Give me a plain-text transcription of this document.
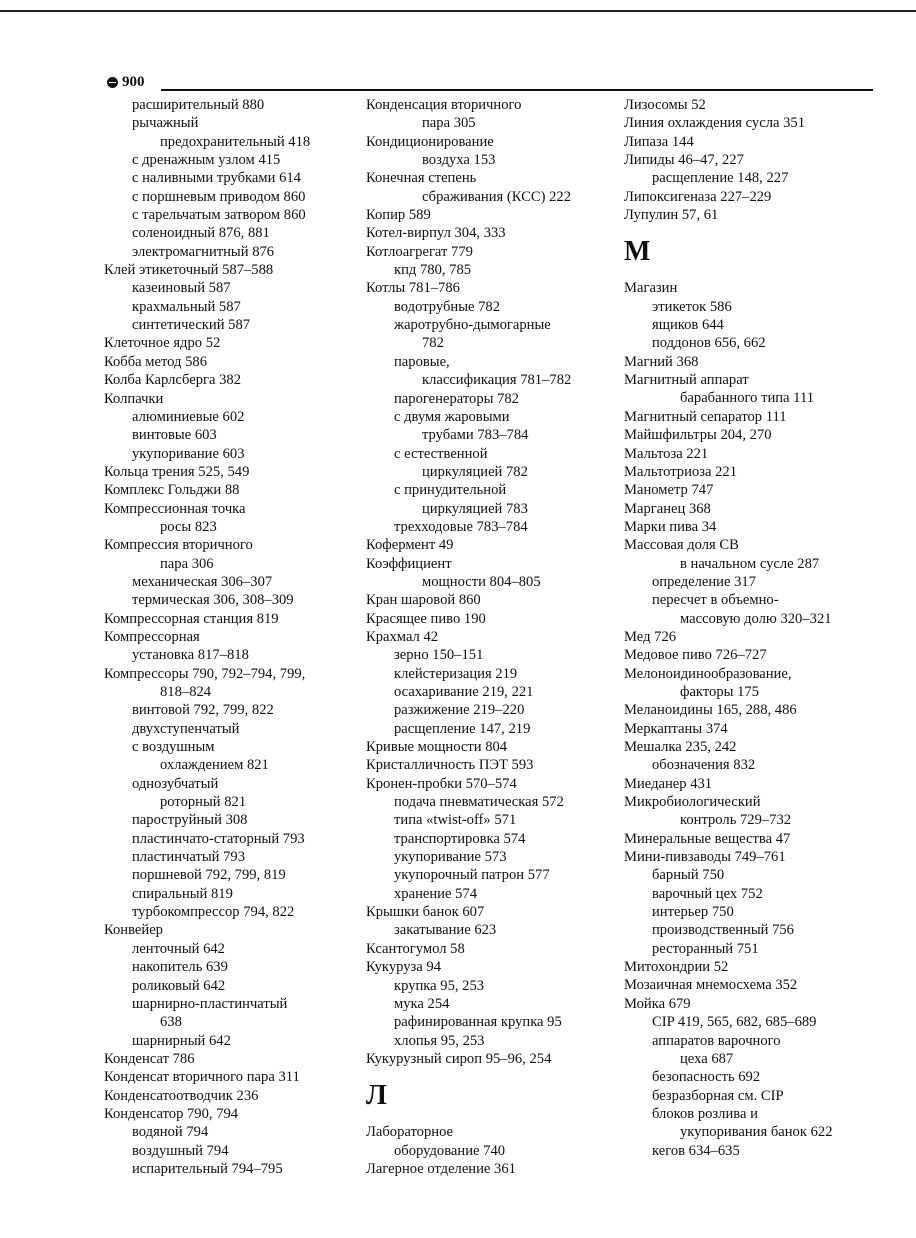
900
расширительный 880
рычажный
предохранительный 418
с дренажным узлом 415
с наливными трубками 614
с поршневым приводом 860
с тарельчатым затвором 860
соленоидный 876, 881
электромагнитный 876
Клей этикеточный 587–588
казеиновый 587
крахмальный 587
синтетический 587
Клеточное ядро 52
Кобба метод 586
Колба Карлсберга 382
Колпачки
алюминиевые 602
винтовые 603
укупоривание 603
Кольца трения 525, 549
Комплекс Гольджи 88
Компрессионная точка
росы 823
Компрессия вторичного
пара 306
механическая 306–307
термическая 306, 308–309
Компрессорная станция 819
Компрессорная
установка 817–818
Компрессоры 790, 792–794, 799,
818–824
винтовой 792, 799, 822
двухступенчатый
с воздушным
охлаждением 821
однозубчатый
роторный 821
пароструйный 308
пластинчато-статорный 793
пластинчатый 793
поршневой 792, 799, 819
спиральный 819
турбокомпрессор 794, 822
Конвейер
ленточный 642
накопитель 639
роликовый 642
шарнирно-пластинчатый
638
шарнирный 642
Конденсат 786
Конденсат вторичного пара 311
Конденсатоотводчик 236
Конденсатор 790, 794
водяной 794
воздушный 794
испарительный 794–795
Конденсация вторичного
пара 305
Кондиционирование
воздуха 153
Конечная степень
сбраживания (КСС) 222
Копир 589
Котел-вирпул 304, 333
Котлоагрегат 779
кпд 780, 785
Котлы 781–786
водотрубные 782
жаротрубно-дымогарные
782
паровые,
классификация 781–782
парогенераторы 782
с двумя жаровыми
трубами 783–784
с естественной
циркуляцией 782
с принудительной
циркуляцией 783
трехходовые 783–784
Кофермент 49
Коэффициент
мощности 804–805
Кран шаровой 860
Красящее пиво 190
Крахмал 42
зерно 150–151
клейстеризация 219
осахаривание 219, 221
разжижение 219–220
расщепление 147, 219
Кривые мощности 804
Кристалличность ПЭТ 593
Кронен-пробки 570–574
подача пневматическая 572
типа «twist-off» 571
транспортировка 574
укупоривание 573
укупорочный патрон 577
хранение 574
Крышки банок 607
закатывание 623
Ксантогумол 58
Кукуруза 94
крупка 95, 253
мука 254
рафинированная крупка 95
хлопья 95, 253
Кукурузный сироп 95–96, 254
Л
Лабораторное
оборудование 740
Лагерное отделение 361
Лизосомы 52
Линия охлаждения сусла 351
Липаза 144
Липиды 46–47, 227
расщепление 148, 227
Липоксигеназа 227–229
Лупулин 57, 61
М
Магазин
этикеток 586
ящиков 644
поддонов 656, 662
Магний 368
Магнитный аппарат
барабанного типа 111
Магнитный сепаратор 111
Майшфильтры 204, 270
Мальтоза 221
Мальтотриоза 221
Манометр 747
Марганец 368
Марки пива 34
Массовая доля СВ
в начальном сусле 287
определение 317
пересчет в объемно-
массовую долю 320–321
Мед 726
Медовое пиво 726–727
Мелоноидинообразование,
факторы 175
Меланоидины 165, 288, 486
Меркаптаны 374
Мешалка 235, 242
обозначения 832
Миеданер 431
Микробиологический
контроль 729–732
Минеральные вещества 47
Мини-пивзаводы 749–761
барный 750
варочный цех 752
интерьер 750
производственный 756
ресторанный 751
Митохондрии 52
Мозаичная мнемосхема 352
Мойка 679
CIP 419, 565, 682, 685–689
аппаратов варочного
цеха 687
безопасность 692
безразборная см. CIP
блоков розлива и
укупоривания банок 622
кегов 634–635
